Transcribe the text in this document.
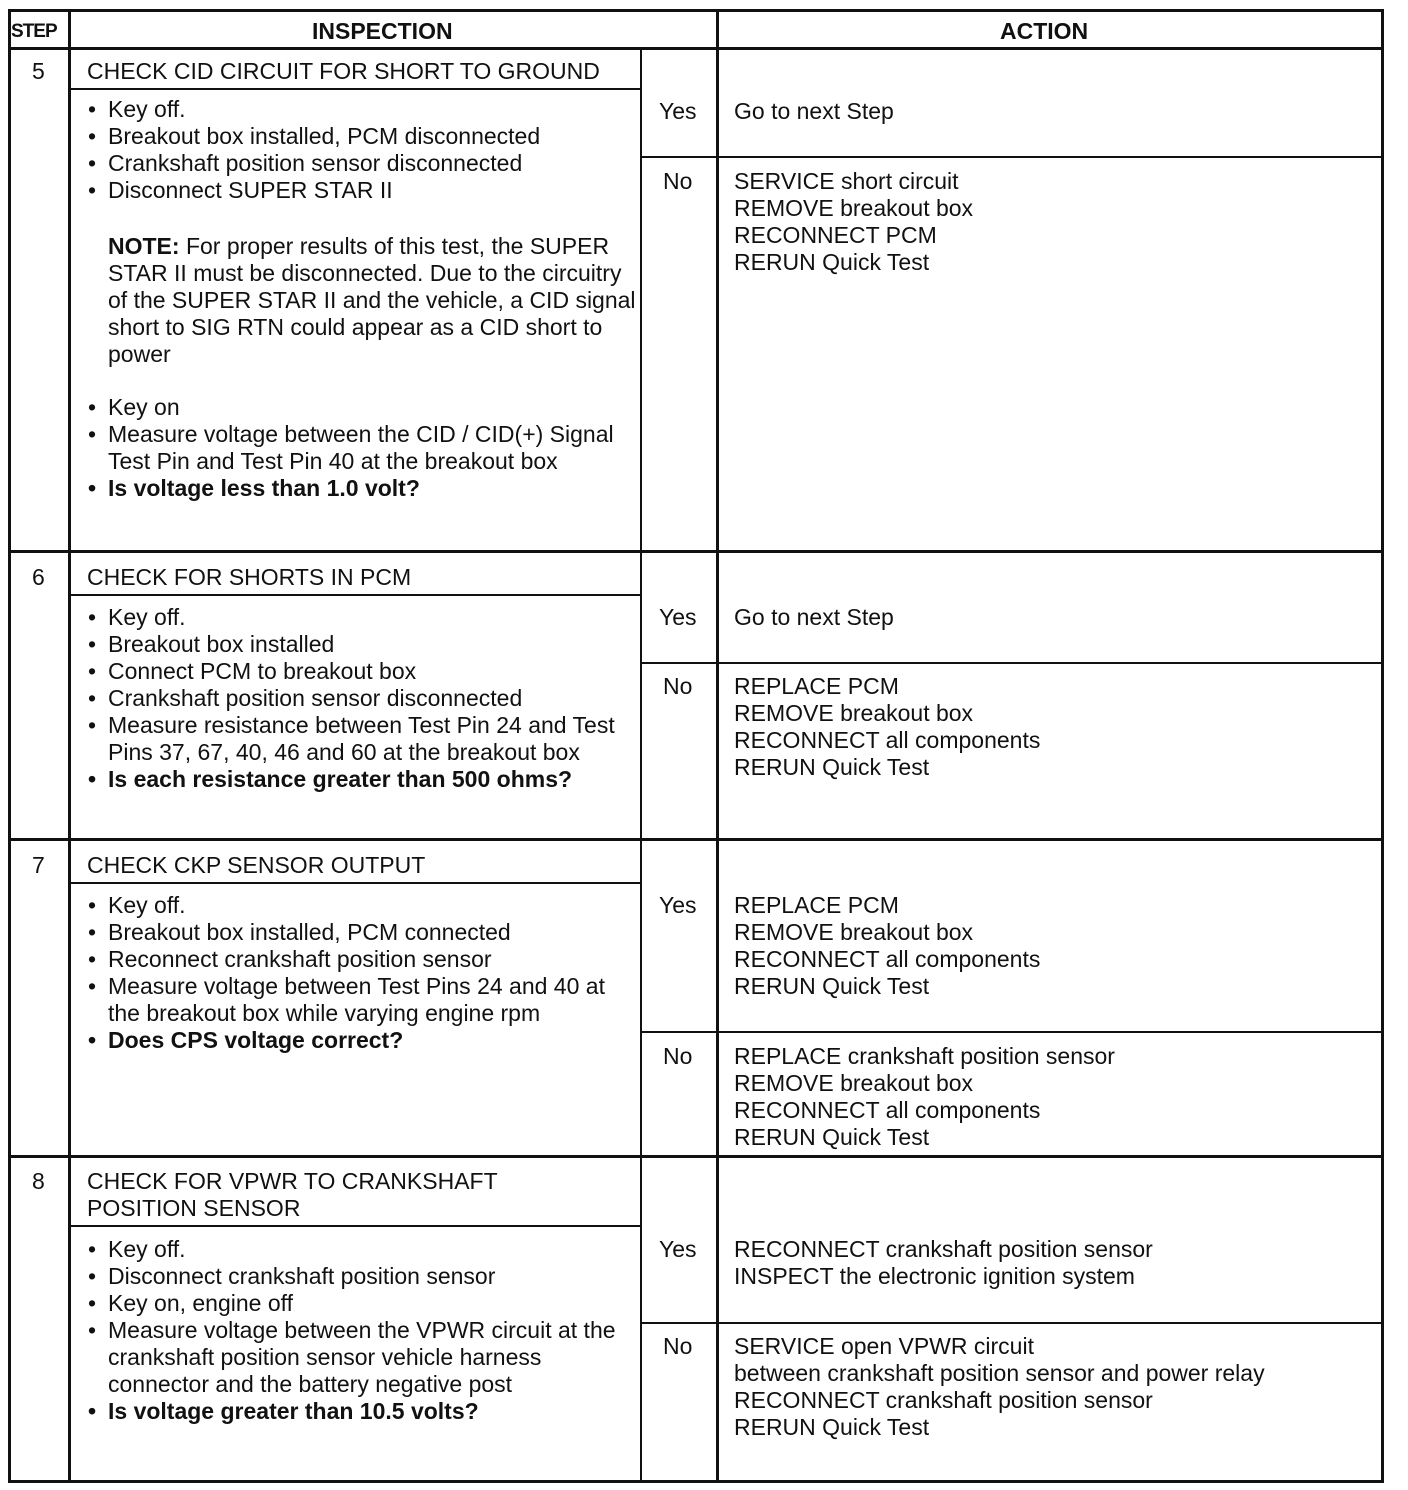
STEP	INSPECTION	ACTION
5 CHECK CID CIRCUIT FOR SHORT TO GROUND
• Key off.
• Breakout box installed, PCM disconnected
• Crankshaft position sensor disconnected
• Disconnect SUPER STAR II
NOTE: For proper results of this test, the SUPER STAR II must be disconnected. Due to the circuitry of the SUPER STAR II and the vehicle, a CID signal short to SIG RTN could appear as a CID short to power
• Key on
• Measure voltage between the CID / CID(+) Signal Test Pin and Test Pin 40 at the breakout box
• Is voltage less than 1.0 volt?
Yes Go to next Step
No SERVICE short circuit
REMOVE breakout box
RECONNECT PCM
RERUN Quick Test
6 CHECK FOR SHORTS IN PCM
• Key off.
• Breakout box installed
• Connect PCM to breakout box
• Crankshaft position sensor disconnected
• Measure resistance between Test Pin 24 and Test Pins 37, 67, 40, 46 and 60 at the breakout box
• Is each resistance greater than 500 ohms?
Yes Go to next Step
No REPLACE PCM
REMOVE breakout box
RECONNECT all components
RERUN Quick Test
7 CHECK CKP SENSOR OUTPUT
• Key off.
• Breakout box installed, PCM connected
• Reconnect crankshaft position sensor
• Measure voltage between Test Pins 24 and 40 at the breakout box while varying engine rpm
• Does CPS voltage correct?
Yes REPLACE PCM
REMOVE breakout box
RECONNECT all components
RERUN Quick Test
No REPLACE crankshaft position sensor
REMOVE breakout box
RECONNECT all components
RERUN Quick Test
8 CHECK FOR VPWR TO CRANKSHAFT POSITION SENSOR
• Key off.
• Disconnect crankshaft position sensor
• Key on, engine off
• Measure voltage between the VPWR circuit at the crankshaft position sensor vehicle harness connector and the battery negative post
• Is voltage greater than 10.5 volts?
Yes RECONNECT crankshaft position sensor
INSPECT the electronic ignition system
No SERVICE open VPWR circuit
between crankshaft position sensor and power relay
RECONNECT crankshaft position sensor
RERUN Quick Test
